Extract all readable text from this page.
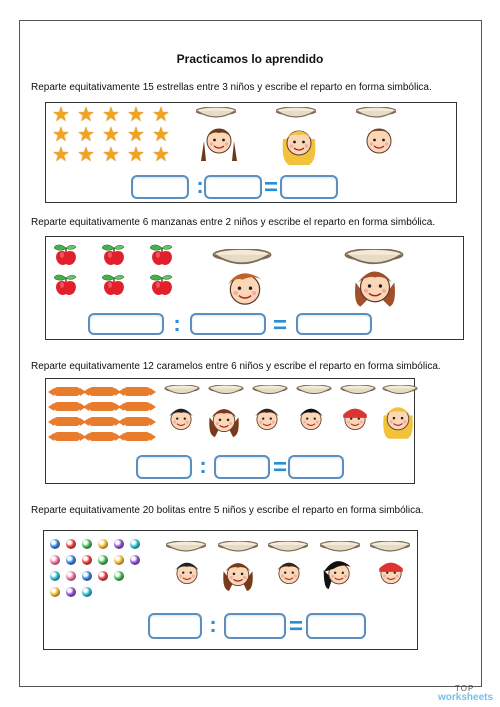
Practicamos lo aprendido
Reparte equitativamente 15 estrellas entre 3 niños y escribe el reparto en forma simbólica.
★ ★ ★ ★ ★
★ ★ ★ ★ ★
★ ★ ★ ★ ★
:	=
Reparte equitativamente 6 manzanas entre 2 niños y escribe el reparto en forma simbólica.
:	=
Reparte equitativamente 12 caramelos entre 6 niños y escribe el reparto en forma simbólica.
:	=
Reparte equitativamente 20 bolitas entre 5 niños y escribe el reparto en forma simbólica.
:	=
TOP
worksheets
